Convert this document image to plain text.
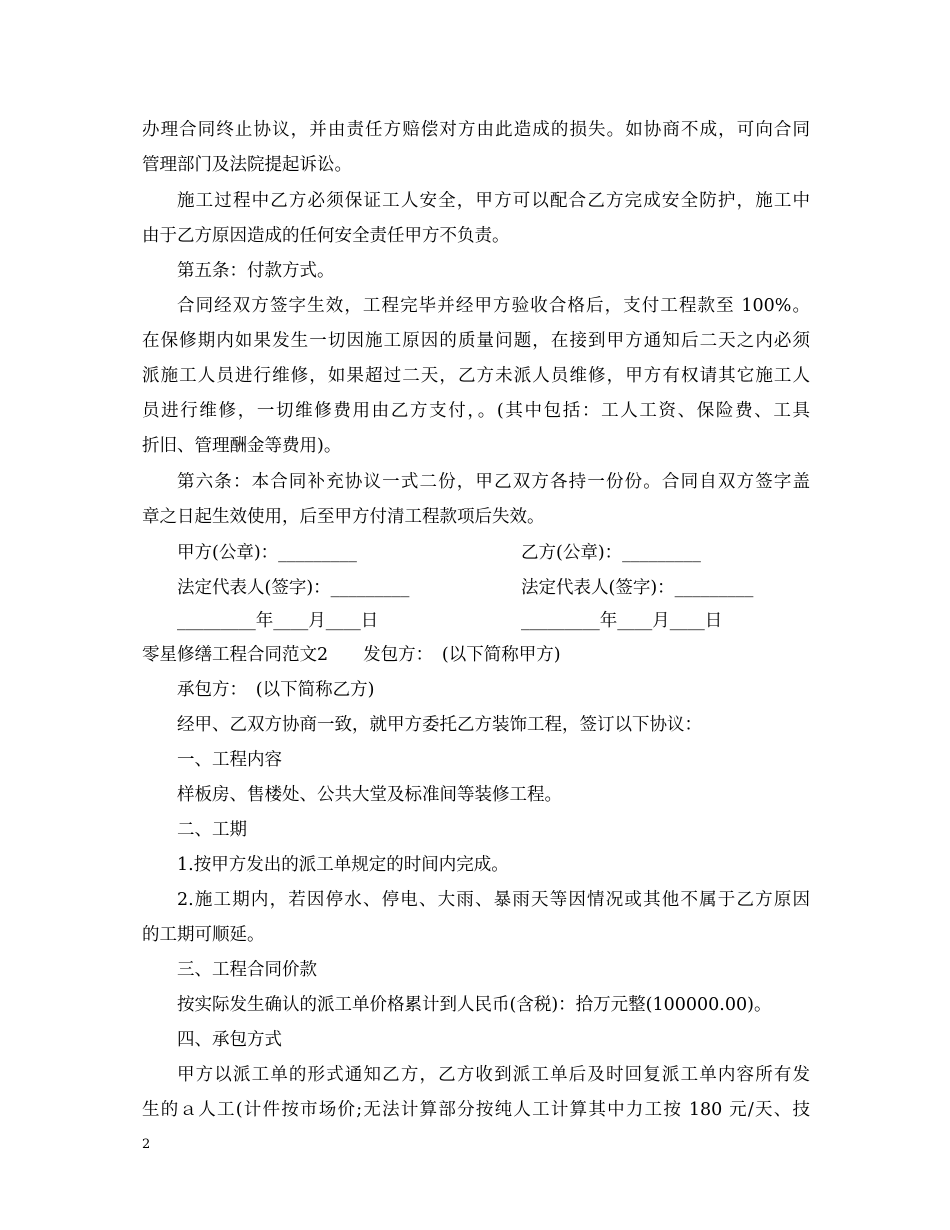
办理合同终止协议，并由责任方赔偿对方由此造成的损失。如协商不成，可向合同
管理部门及法院提起诉讼。
施工过程中乙方必须保证工人安全，甲方可以配合乙方完成安全防护，施工中
由于乙方原因造成的任何安全责任甲方不负责。
第五条：付款方式。
合同经双方签字生效，工程完毕并经甲方验收合格后，支付工程款至 100%。
在保修期内如果发生一切因施工原因的质量问题，在接到甲方通知后二天之内必须
派施工人员进行维修，如果超过二天，乙方未派人员维修，甲方有权请其它施工人
员进行维修，一切维修费用由乙方支付，。(其中包括：工人工资、保险费、工具
折旧、管理酬金等费用)。
第六条：本合同补充协议一式二份，甲乙双方各持一份份。合同自双方签字盖
章之日起生效使用，后至甲方付清工程款项后失效。
甲方(公章)：_________	乙方(公章)：_________
法定代表人(签字)：_________	法定代表人(签字)：_________
_________年____月____日	_________年____月____日
零星修缮工程合同范文2　　发包方：　(以下简称甲方)
承包方：　(以下简称乙方)
经甲、乙双方协商一致，就甲方委托乙方装饰工程，签订以下协议：
一、工程内容
样板房、售楼处、公共大堂及标准间等装修工程。
二、工期
1.按甲方发出的派工单规定的时间内完成。
2.施工期内，若因停水、停电、大雨、暴雨天等因情况或其他不属于乙方原因
的工期可顺延。
三、工程合同价款
按实际发生确认的派工单价格累计到人民币(含税)：拾万元整(100000.00)。
四、承包方式
甲方以派工单的形式通知乙方，乙方收到派工单后及时回复派工单内容所有发
生的ａ人工(计件按市场价;无法计算部分按纯人工计算其中力工按 180 元/天、技
2
